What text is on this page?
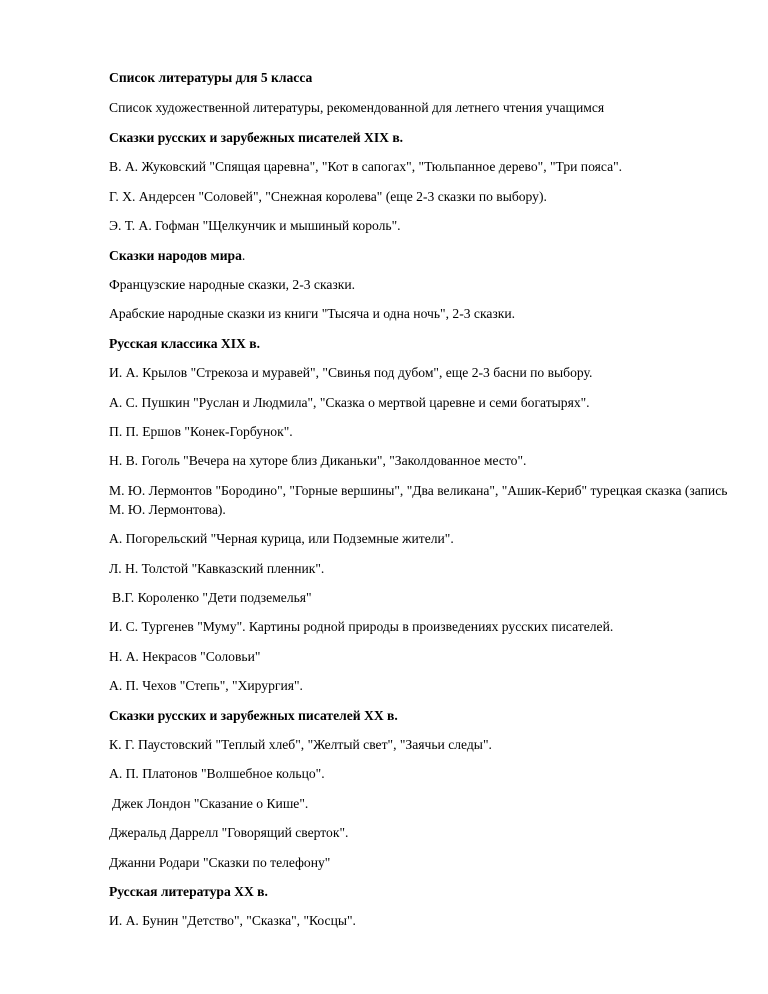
Список литературы для 5 класса
Список художественной литературы, рекомендованной для летнего чтения учащимся
Сказки русских и зарубежных писателей XIX в.
В. А. Жуковский "Спящая царевна", "Кот в сапогах", "Тюльпанное дерево", "Три пояса".
Г. Х. Андерсен "Соловей", "Снежная королева" (еще 2-3 сказки по выбору).
Э. Т. А. Гофман "Щелкунчик и мышиный король".
Сказки народов мира.
Французские народные сказки, 2-3 сказки.
Арабские народные сказки из книги "Тысяча и одна ночь", 2-3 сказки.
Русская классика XIX в.
И. А. Крылов "Стрекоза и муравей", "Свинья под дубом", еще 2-3 басни по выбору.
А. С. Пушкин "Руслан и Людмила", "Сказка о мертвой царевне и семи богатырях".
П. П. Ершов "Конек-Горбунок".
Н. В. Гоголь "Вечера на хуторе близ Диканьки", "Заколдованное место".
М. Ю. Лермонтов "Бородино", "Горные вершины", "Два великана", "Ашик-Кериб" турецкая сказка (запись М. Ю. Лермонтова).
А. Погорельский "Черная курица, или Подземные жители".
Л. Н. Толстой "Кавказский пленник".
В.Г. Короленко "Дети подземелья"
И. С. Тургенев "Муму". Картины родной природы в произведениях русских писателей.
Н. А. Некрасов "Соловьи"
А. П. Чехов "Степь", "Хирургия".
Сказки русских и зарубежных писателей XX в.
К. Г. Паустовский "Теплый хлеб", "Желтый свет", "Заячьи следы".
А. П. Платонов "Волшебное кольцо".
Джек Лондон "Сказание о Кише".
Джеральд Даррелл "Говорящий сверток".
Джанни Родари "Сказки по телефону"
Русская литература XX в.
И. А. Бунин "Детство", "Сказка", "Косцы".
